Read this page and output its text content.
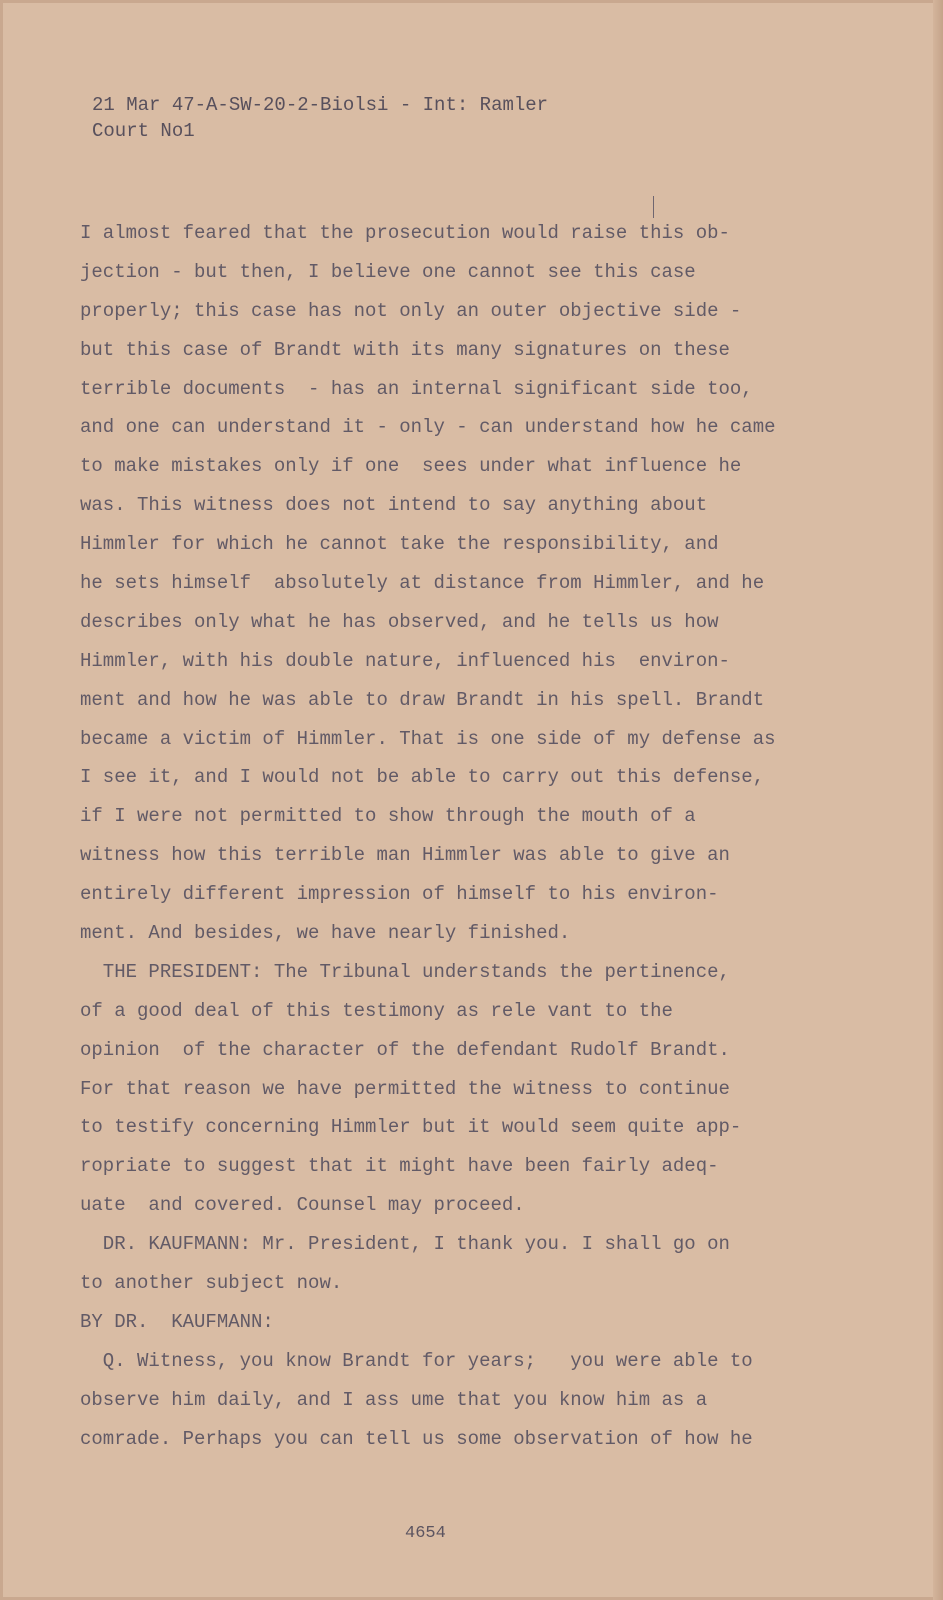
21 Mar 47-A-SW-20-2-Biolsi - Int: Ramler
Court No1
I almost feared that the prosecution would raise this ob-
jection - but then, I believe one cannot see this case
properly; this case has not only an outer objective side -
but this case of Brandt with its many signatures on these
terrible documents  - has an internal significant side too,
and one can understand it - only - can understand how he came
to make mistakes only if one  sees under what influence he
was. This witness does not intend to say anything about
Himmler for which he cannot take the responsibility, and
he sets himself  absolutely at distance from Himmler, and he
describes only what he has observed, and he tells us how
Himmler, with his double nature, influenced his  environ-
ment and how he was able to draw Brandt in his spell. Brandt
became a victim of Himmler. That is one side of my defense as
I see it, and I would not be able to carry out this defense,
if I were not permitted to show through the mouth of a
witness how this terrible man Himmler was able to give an
entirely different impression of himself to his environ-
ment. And besides, we have nearly finished.
THE PRESIDENT: The Tribunal understands the pertinence,
of a good deal of this testimony as rele vant to the
opinion  of the character of the defendant Rudolf Brandt.
For that reason we have permitted the witness to continue
to testify concerning Himmler but it would seem quite app-
ropriate to suggest that it might have been fairly adeq-
uate  and covered. Counsel may proceed.
DR. KAUFMANN: Mr. President, I thank you. I shall go on
to another subject now.
BY DR.  KAUFMANN:
Q. Witness, you know Brandt for years;   you were able to
observe him daily, and I ass ume that you know him as a
comrade. Perhaps you can tell us some observation of how he
4654
